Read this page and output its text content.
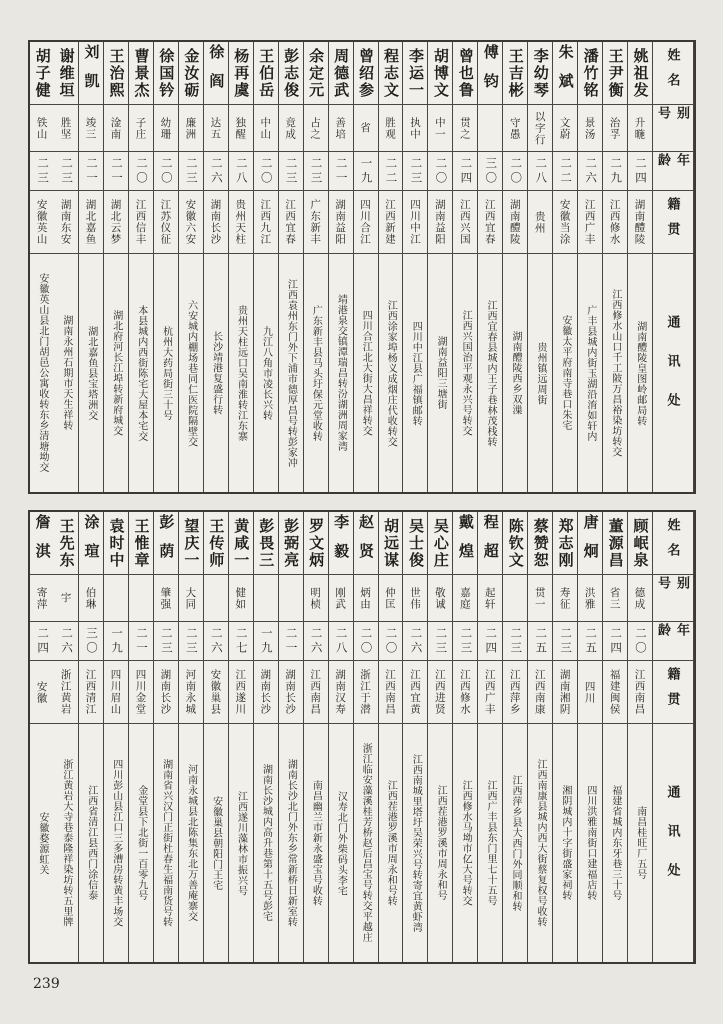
姓名
别号
年龄
籍贯
通讯处
姚祖发
升暆
二四
湖南醴陵
湖南醴陵皇图岭邮局转
王尹衡
治孚
二九
江西修水
江西修水山口千工陂万昌裕染坊转交
潘竹铭
景汤
二六
江西广丰
广丰县城内街玉湖沿淯如轩内
朱斌
文蔚
二二
安徽当涂
安徽太平府南寺巷口朱宅
李幼琴
以字行
二八
贵州
贵州镇远周街
王吉彬
守愚
二〇
湖南醴陵
湖南醴陵西乡双漅
傅钧
三〇
江西宜春
江西宜春县城内王子巷林茂栈转
曾也鲁
贯之
二四
江西兴国
江西兴国治平观永兴号转交
胡博文
中一
二〇
湖南益阳
湖南益阳三塘街
李运一
执中
二三
四川中江
四川中江县广福镇邮转
程志文
胜观
二二
江西新建
江西涂家埠杨义成烟庄代收转交
曾绍参
省
一九
四川合江
四川合江北大街大昌祥转交
周德武
善培
二一
湖南益阳
靖港泉交镇潭瑞昌转汾湖洲周家湾
余定元
占之
二三
广东新丰
广东新丰县马头圩保元堂收转
彭志俊
竟成
二三
江西宜春
江西袁州东门外下浦市德厚昌号转彭家冲
王伯岳
中山
二〇
江西九江
九江八角市凌长兴转
杨再虞
独醒
二八
贵州天柱
贵州天柱远口吴南淮转江东寨
徐阎
达五
二六
湖南长沙
长沙靖港复盛行转
金汝砺
廉洲
二三
安徽六安
六安城内棚场巷同仁医院隔壁交
徐国钤
幼珊
二〇
江苏仪征
杭州大药局街三十号
曹景杰
子庄
二〇
江西信丰
本县城内西街陈宅大屋本宅交
王治熙
淦南
二一
湖北云梦
湖北府河长江埠转新府城交
刘凯
竣三
二一
湖北嘉鱼
湖北嘉鱼县宝塔洲交
谢维垣
胜坚
二三
湖南东安
湖南永州石期市天生祥转
胡子健
铁山
二三
安徽英山
安徽英山县北门胡邑公寓收转东乡清塘坳交
姓名
别号
年龄
籍贯
通讯处
顾岷泉
德成
二〇
江西南昌
南昌桂旺厂五号
董源昌
省三
二四
福建闽侯
福建省城内东牙巷三十号
唐炯
洪雅
二五
四川
四川洪雅南街口建福店转
郑志刚
寿征
二三
湖南湘阴
湘阴城内十字街盛家祠转
蔡赞恕
贯一
二五
江西南康
江西南康县城内西大街蔡复权号收转
陈钦文
二三
江西萍乡
江西萍乡县大西门外同顺和转
程超
起轩
二四
江西广丰
江西广丰县东门里七十五号
戴煌
嘉庭
二三
江西修水
江西修水马坳市亿大号转交
吴心庄
敬诚
二三
江西进贤
江西茬港罗溪市周永和号
吴士俊
世伟
二六
江西宜黄
江西南城里塔圩吴荣兴号转寄宜黄虾湾
胡远谋
仲匡
二〇
江西南昌
江西茬港罗溪市周永和号转
赵贤
炳由
二〇
浙江于潜
浙江临安藻溪桂芳桥赵后昌宝号转交平越庄
李毅
刚武
二八
湖南汉寿
汉寿北门外柴码头李宅
罗文炳
明桢
二六
江西南昌
南昌幽兰市新永盛宝号收转
彭弼亮
二一
湖南长沙
湖南长沙北门外东乡常新桥日新室转
彭畏三
一九
湖南长沙
湖南长沙城内高升巷第十五号彭宅
黄咸一
健如
二七
江西遂川
江西遂川藻林市振兴号
王传师
二六
安徽巢县
安徽巢县朝阳门王宅
望庆一
大同
二三
河南永城
河南永城县北陈集东北万善庵寨交
彭荫
肇强
二三
湖南长沙
湖南省兴汉门正街杜春生福南货号转
王惟章
二一
四川金堂
金堂县下北街一百零九号
袁时中
一九
四川眉山
四川彭山县江口三多漕房转黄丰场交
涂瑄
伯琳
三〇
江西清江
江西省清江县西门涂信泰
王先东
宇
二六
浙江黄岩
浙江黄岩大寺巷泰隆祥染坊转五里牌
詹淇
寄萍
二四
安徽
安徽婺源虹关
239
